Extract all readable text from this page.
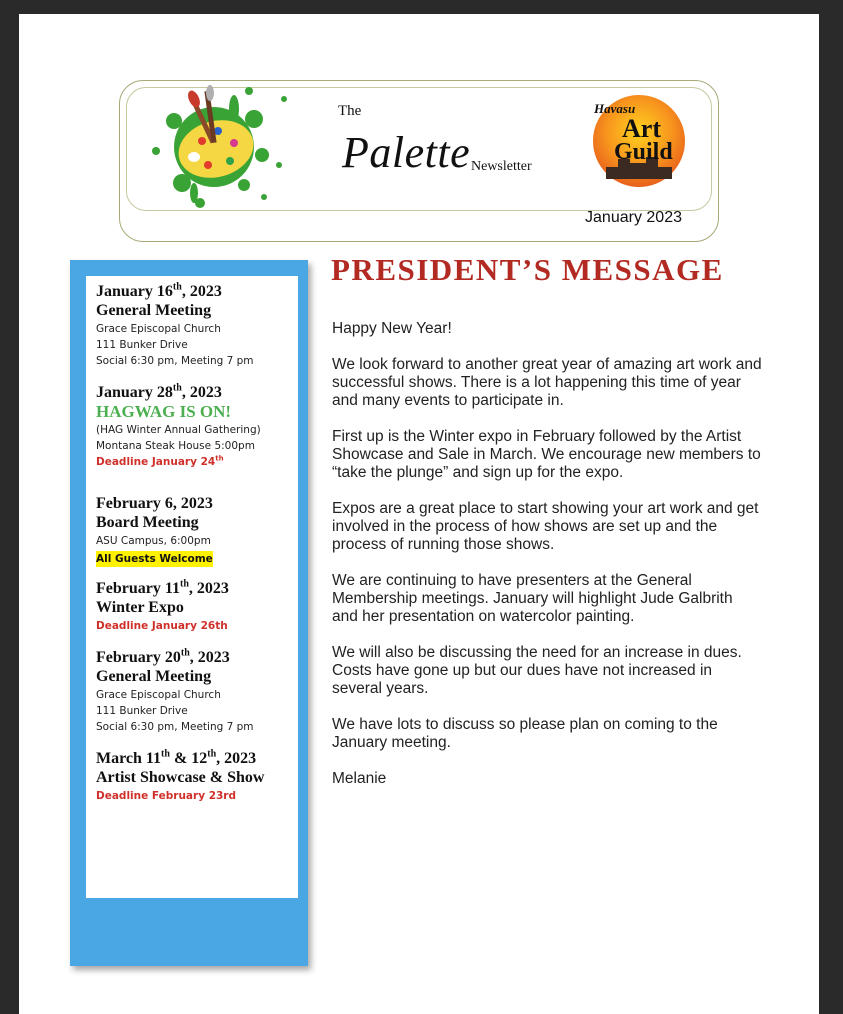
The
Palette Newsletter
Havasu
Art
Guild
January 2023
January 16th, 2023
General Meeting
Grace Episcopal Church
111 Bunker Drive
Social 6:30 pm, Meeting 7 pm
January 28th, 2023
HAGWAG IS ON!
(HAG Winter Annual Gathering)
Montana Steak House 5:00pm
Deadline January 24th
February 6, 2023
Board Meeting
ASU Campus, 6:00pm
All Guests Welcome
February 11th, 2023
Winter Expo
Deadline January 26th
February 20th, 2023
General Meeting
Grace Episcopal Church
111 Bunker Drive
Social 6:30 pm, Meeting 7 pm
March 11th & 12th, 2023
Artist Showcase & Show
Deadline February 23rd
PRESIDENT’S MESSAGE

Happy New Year!

We look forward to another great year of amazing art work and successful shows. There is a lot happening this time of year and many events to participate in.

First up is the Winter expo in February followed by the Artist Showcase and Sale in March. We encourage new members to “take the plunge” and sign up for the expo.

Expos are a great place to start showing your art work and get involved in the process of how shows are set up and the process of running those shows.

We are continuing to have presenters at the General Membership meetings. January will highlight Jude Galbrith and her presentation on watercolor painting.

We will also be discussing the need for an increase in dues. Costs have gone up but our dues have not increased in several years.

We have lots to discuss so please plan on coming to the January meeting.

Melanie
